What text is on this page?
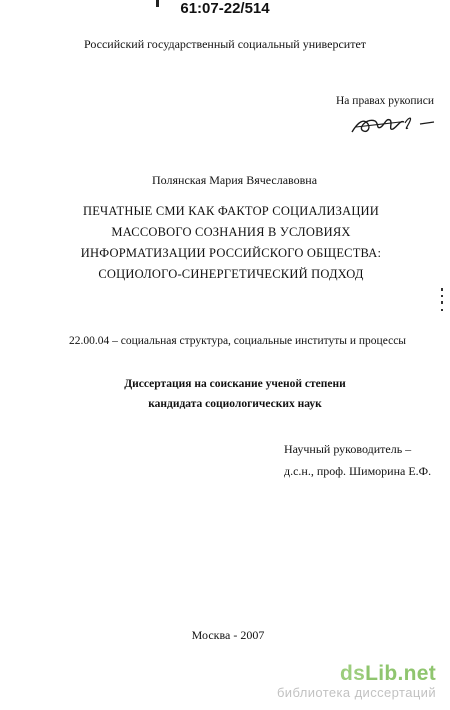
61:07-22/514
Российский государственный социальный университет
На правах рукописи
Полянская Мария Вячеславовна
ПЕЧАТНЫЕ СМИ КАК ФАКТОР СОЦИАЛИЗАЦИИ
МАССОВОГО СОЗНАНИЯ В УСЛОВИЯХ
ИНФОРМАТИЗАЦИИ РОССИЙСКОГО ОБЩЕСТВА:
СОЦИОЛОГО-СИНЕРГЕТИЧЕСКИЙ ПОДХОД
22.00.04 – социальная структура, социальные институты и процессы
Диссертация на соискание ученой степени
кандидата социологических наук
Научный руководитель –
д.с.н., проф. Шиморина Е.Ф.
Москва - 2007
dsLib.net
библиотека диссертаций
